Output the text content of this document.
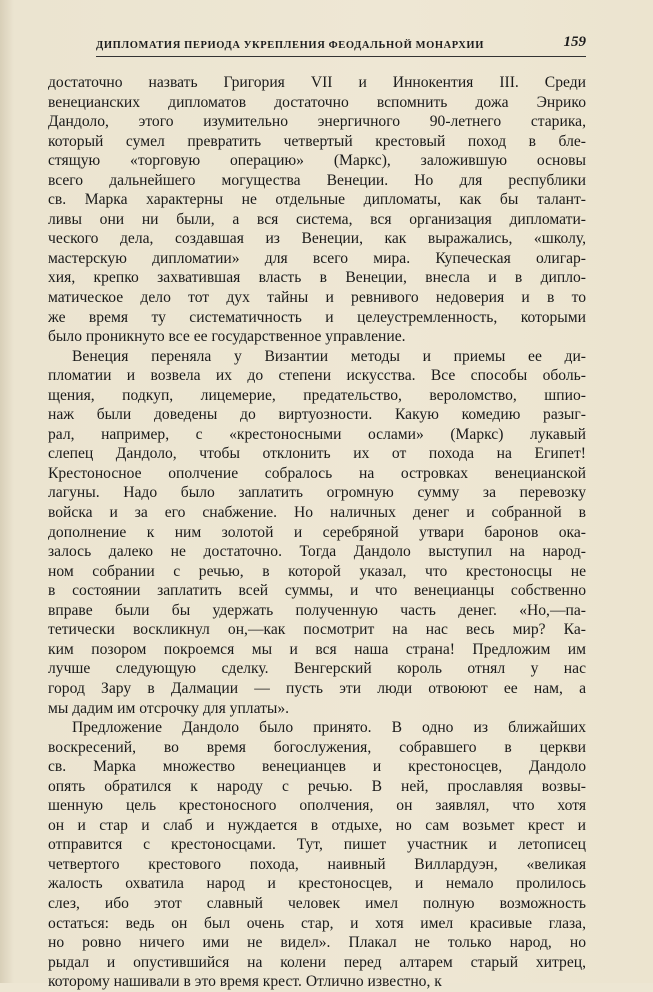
ДИПЛОМАТИЯ ПЕРИОДА УКРЕПЛЕНИЯ ФЕОДАЛЬНОЙ МОНАРХИИ	159
достаточно назвать Григория VII и Иннокентия III. Среди
венецианских дипломатов достаточно вспомнить дожа Энрико
Дандоло, этого изумительно энергичного 90-летнего старика,
который сумел превратить четвертый крестовый поход в бле-
стящую «торговую операцию» (Маркс), заложившую основы
всего дальнейшего могущества Венеции. Но для республики
св. Марка характерны не отдельные дипломаты, как бы талант-
ливы они ни были, а вся система, вся организация дипломати-
ческого дела, создавшая из Венеции, как выражались, «школу,
мастерскую дипломатии» для всего мира. Купеческая олигар-
хия, крепко захватившая власть в Венеции, внесла и в дипло-
матическое дело тот дух тайны и ревнивого недоверия и в то
же время ту систематичность и целеустремленность, которыми
было проникнуто все ее государственное управление.
Венеция переняла у Византии методы и приемы ее ди-
пломатии и возвела их до степени искусства. Все способы оболь-
щения, подкуп, лицемерие, предательство, вероломство, шпио-
наж были доведены до виртуозности. Какую комедию разыг-
рал, например, с «крестоносными ослами» (Маркс) лукавый
слепец Дандоло, чтобы отклонить их от похода на Египет!
Крестоносное ополчение собралось на островках венецианской
лагуны. Надо было заплатить огромную сумму за перевозку
войска и за его снабжение. Но наличных денег и собранной в
дополнение к ним золотой и серебряной утвари баронов ока-
залось далеко не достаточно. Тогда Дандоло выступил на народ-
ном собрании с речью, в которой указал, что крестоносцы не
в состоянии заплатить всей суммы, и что венецианцы собственно
вправе были бы удержать полученную часть денег. «Но,—па-
тетически воскликнул он,—как посмотрит на нас весь мир? Ка-
ким позором покроемся мы и вся наша страна! Предложим им
лучше следующую сделку. Венгерский король отнял у нас
город Зару в Далмации — пусть эти люди отвоюют ее нам, а
мы дадим им отсрочку для уплаты».
Предложение Дандоло было принято. В одно из ближайших
воскресений, во время богослужения, собравшего в церкви
св. Марка множество венецианцев и крестоносцев, Дандоло
опять обратился к народу с речью. В ней, прославляя возвы-
шенную цель крестоносного ополчения, он заявлял, что хотя
он и стар и слаб и нуждается в отдыхе, но сам возьмет крест и
отправится с крестоносцами. Тут, пишет участник и летописец
четвертого крестового похода, наивный Виллардуэн, «великая
жалость охватила народ и крестоносцев, и немало пролилось
слез, ибо этот славный человек имел полную возможность
остаться: ведь он был очень стар, и хотя имел красивые глаза,
но ровно ничего ими не видел». Плакал не только народ, но
рыдал и опустившийся на колени перед алтарем старый хитрец,
которому нашивали в это время крест. Отлично известно, к
